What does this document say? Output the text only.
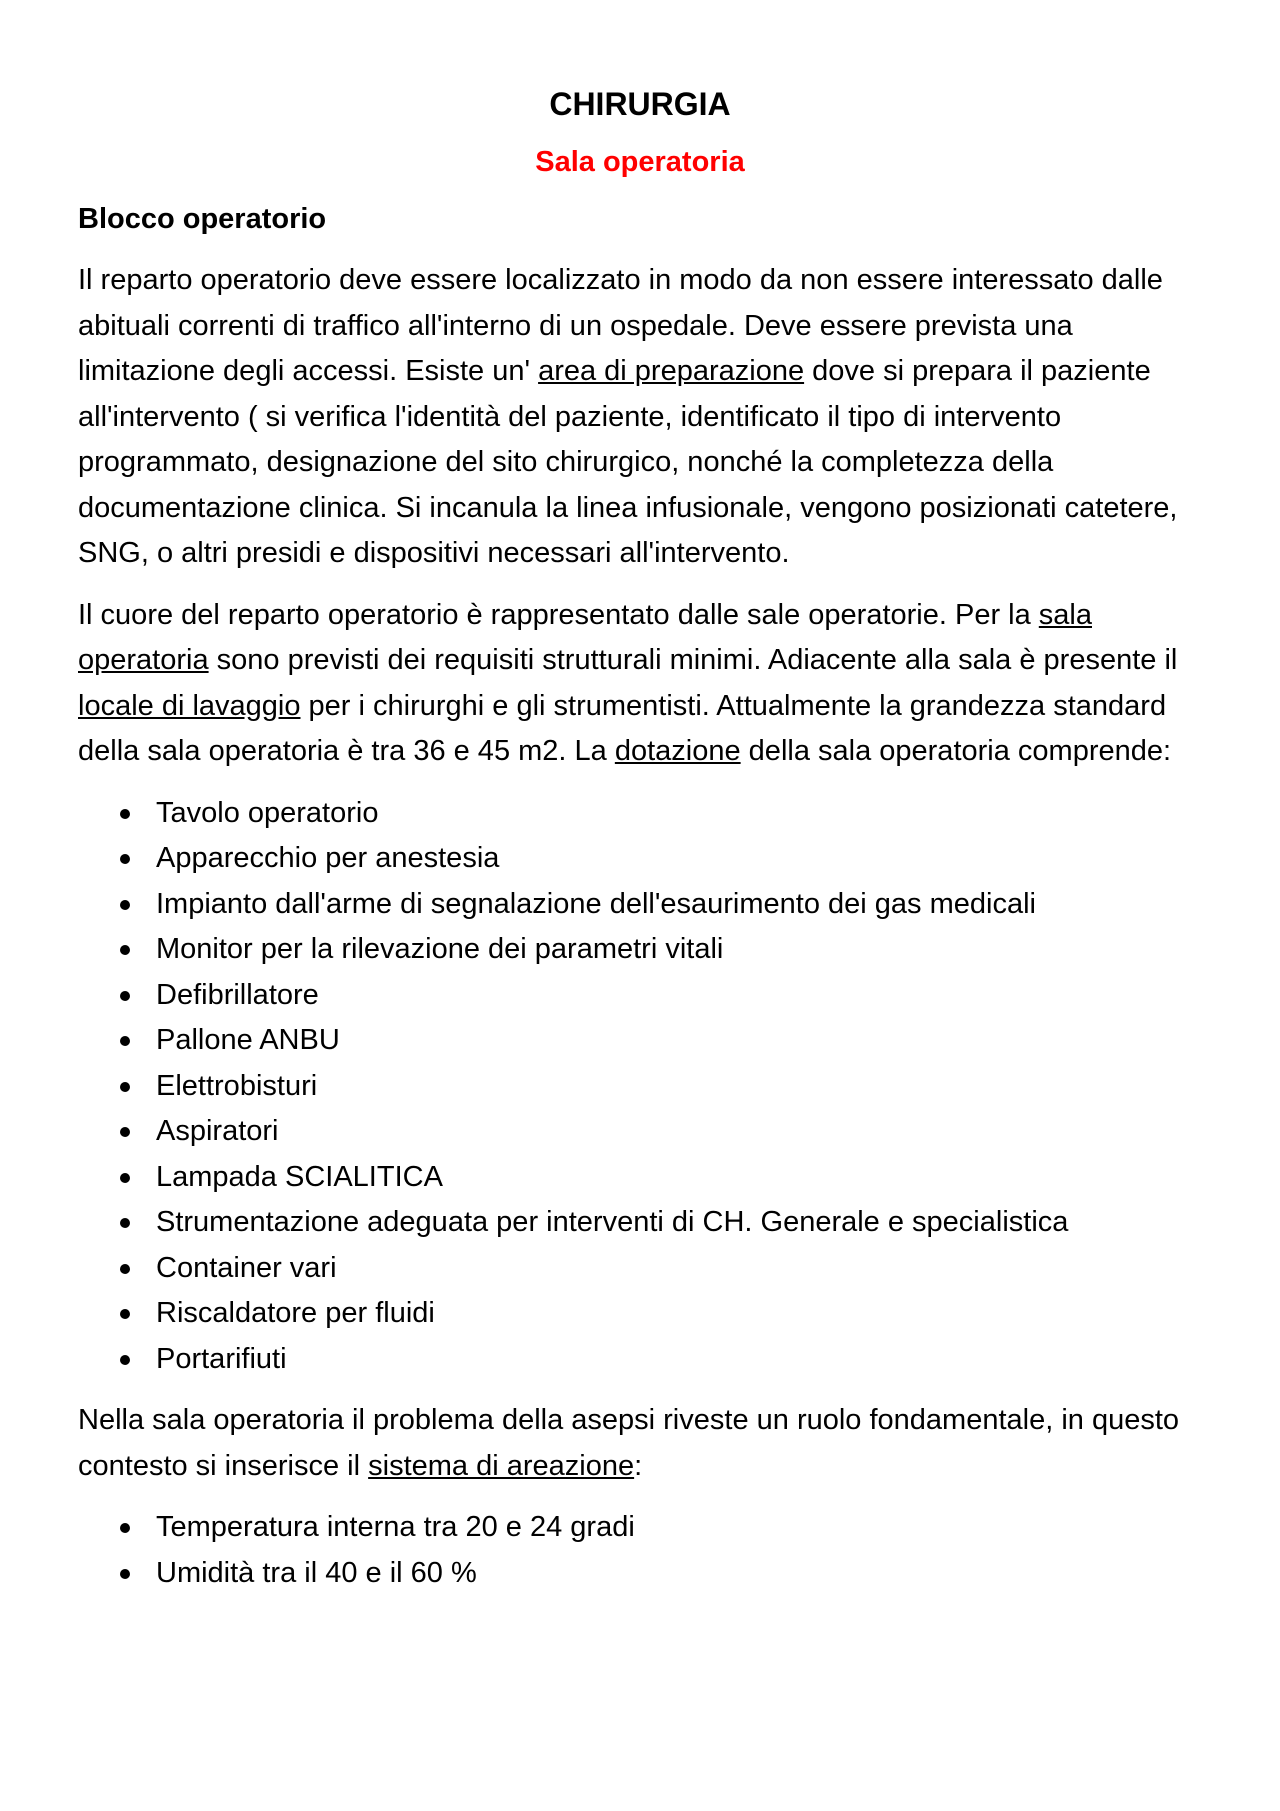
CHIRURGIA
Sala operatoria
Blocco operatorio

Il reparto operatorio deve essere localizzato in modo da non essere interessato dalle abituali correnti di traffico all'interno di un ospedale. Deve essere prevista una limitazione degli accessi. Esiste un' area di preparazione dove si prepara il paziente all'intervento ( si verifica l'identità del paziente, identificato il tipo di intervento programmato, designazione del sito chirurgico, nonché la completezza della documentazione clinica. Si incanula la linea infusionale, vengono posizionati catetere, SNG, o altri presidi e dispositivi necessari all'intervento.

Il cuore del reparto operatorio è rappresentato dalle sale operatorie. Per la sala operatoria sono previsti dei requisiti strutturali minimi. Adiacente alla sala è presente il locale di lavaggio per i chirurghi e gli strumentisti. Attualmente la grandezza standard della sala operatoria è tra 36 e 45 m2. La dotazione della sala operatoria comprende:

Tavolo operatorio
Apparecchio per anestesia
Impianto dall'arme di segnalazione dell'esaurimento dei gas medicali
Monitor per la rilevazione dei parametri vitali
Defibrillatore
Pallone ANBU
Elettrobisturi
Aspiratori
Lampada SCIALITICA
Strumentazione adeguata per interventi di CH. Generale e specialistica
Container vari
Riscaldatore per fluidi
Portarifiuti

Nella sala operatoria il problema della asepsi riveste un ruolo fondamentale, in questo contesto si inserisce il sistema di areazione:

Temperatura interna tra 20 e 24 gradi
Umidità tra il 40 e il 60 %
